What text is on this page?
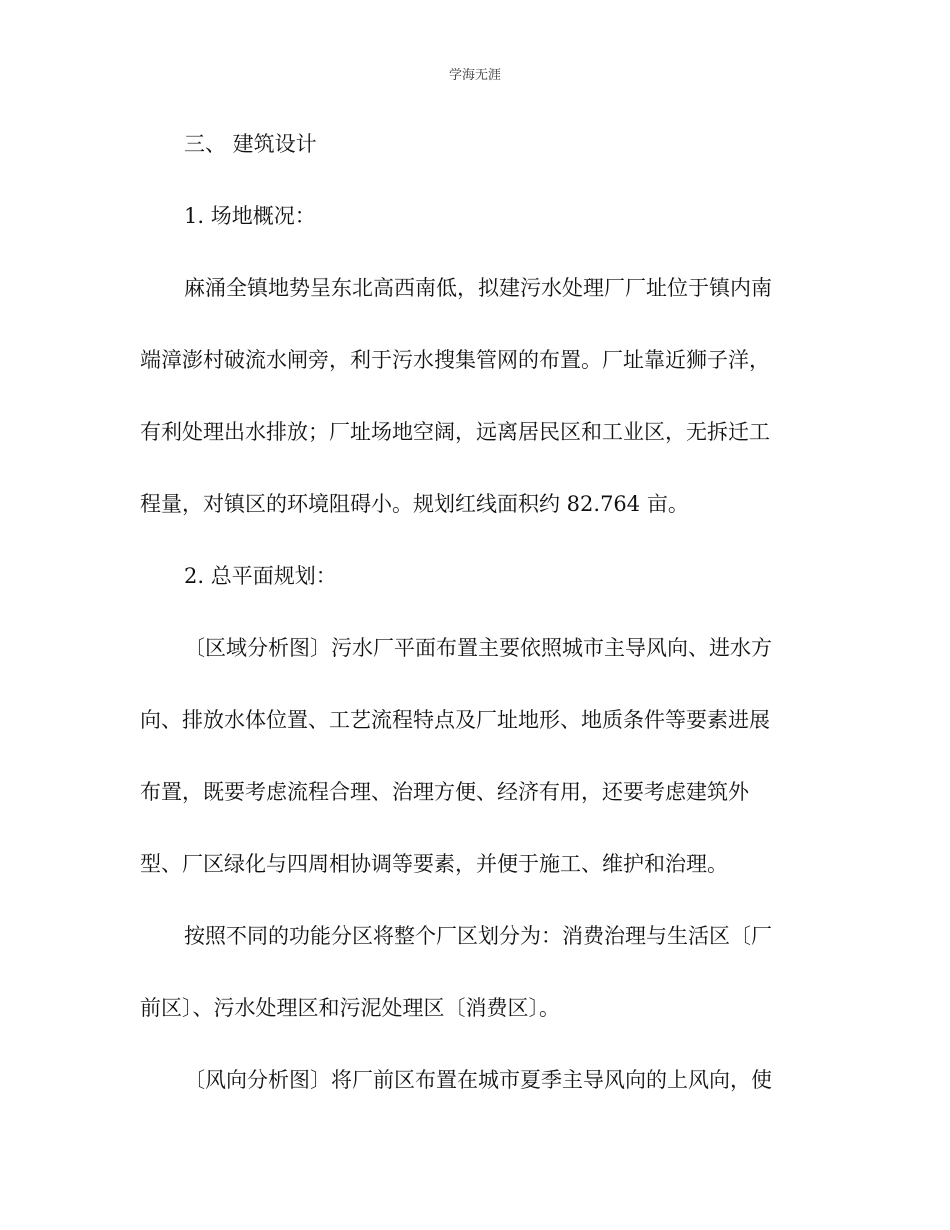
学海无涯
三、 建筑设计
1. 场地概况：
麻涌全镇地势呈东北高西南低，拟建污水处理厂厂址位于镇内南
端漳澎村破流水闸旁，利于污水搜集管网的布置。厂址靠近狮子洋，
有利处理出水排放；厂址场地空阔，远离居民区和工业区，无拆迁工
程量，对镇区的环境阻碍小。规划红线面积约 82.764 亩。
2. 总平面规划：
〔区域分析图〕污水厂平面布置主要依照城市主导风向、进水方
向、排放水体位置、工艺流程特点及厂址地形、地质条件等要素进展
布置，既要考虑流程合理、治理方便、经济有用，还要考虑建筑外
型、厂区绿化与四周相协调等要素，并便于施工、维护和治理。
按照不同的功能分区将整个厂区划分为：消费治理与生活区〔厂
前区〕、污水处理区和污泥处理区〔消费区〕。
〔风向分析图〕将厂前区布置在城市夏季主导风向的上风向，使
